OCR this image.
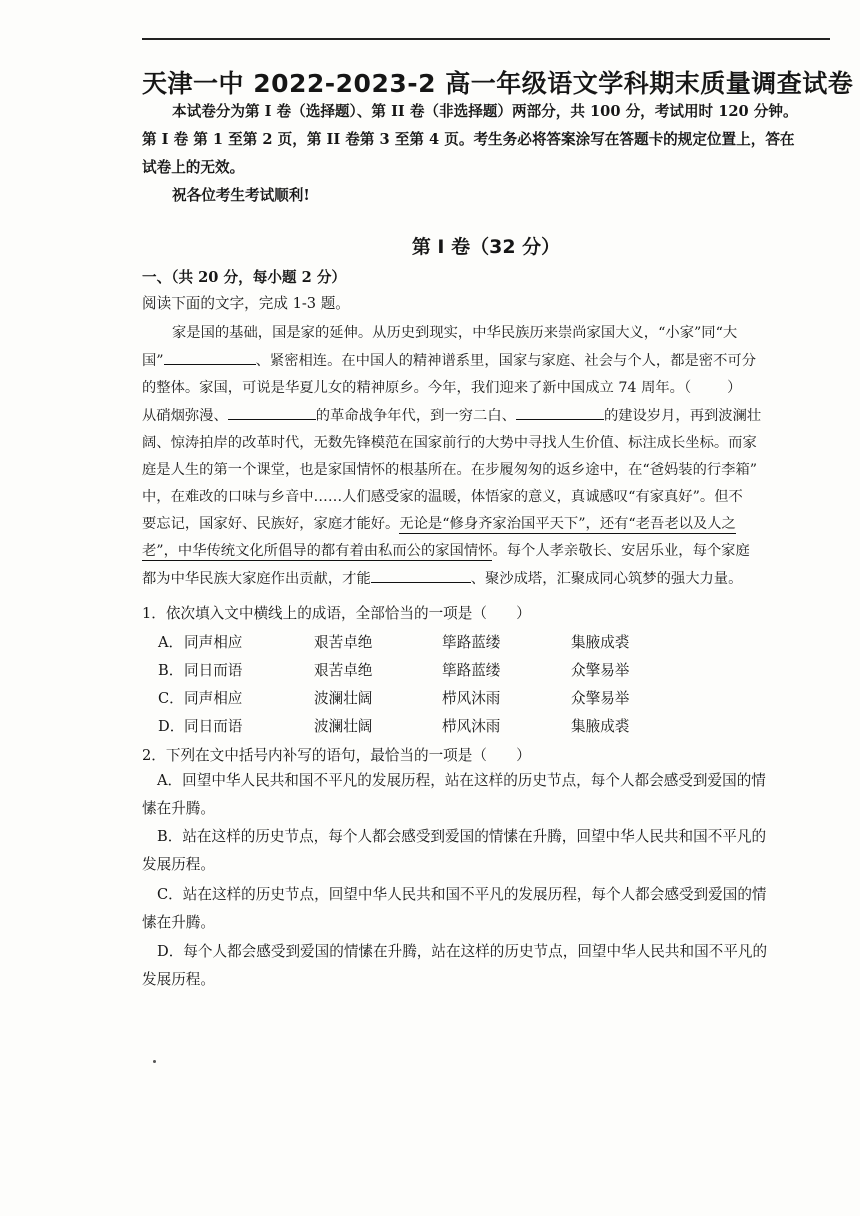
天津一中 2022-2023-2 高一年级语文学科期末质量调查试卷
本试卷分为第 I 卷（选择题）、第 II 卷（非选择题）两部分，共 100 分，考试用时 120 分钟。
第 I 卷 第 1 至第 2 页，第 II 卷第 3 至第 4 页。考生务必将答案涂写在答题卡的规定位置上，答在
试卷上的无效。
祝各位考生考试顺利!
第 I 卷（32 分）
一、（共 20 分，每小题 2 分）
阅读下面的文字，完成 1-3 题。
家是国的基础，国是家的延伸。从历史到现实，中华民族历来崇尚家国大义，“小家”同“大
国”	、紧密相连。在中国人的精神谱系里，国家与家庭、社会与个人，都是密不可分
的整体。家国，可说是华夏儿女的精神原乡。今年，我们迎来了新中国成立 74 周年。（	）
从硝烟弥漫、	的革命战争年代，到一穷二白、	的建设岁月，再到波澜壮
阔、惊涛拍岸的改革时代，无数先锋模范在国家前行的大势中寻找人生价值、标注成长坐标。而家
庭是人生的第一个课堂，也是家国情怀的根基所在。在步履匆匆的返乡途中，在“爸妈装的行李箱”
中，在难改的口味与乡音中……人们感受家的温暖，体悟家的意义，真诚感叹“有家真好”。但不
要忘记，国家好、民族好，家庭才能好。无论是“修身齐家治国平天下”，还有“老吾老以及人之
老”，中华传统文化所倡导的都有着由私而公的家国情怀。每个人孝亲敬长、安居乐业，每个家庭
都为中华民族大家庭作出贡献，才能	、聚沙成塔，汇聚成同心筑梦的强大力量。
1．依次填入文中横线上的成语，全部恰当的一项是（　　）
A． 同声相应	艰苦卓绝	筚路蓝缕	集腋成裘
B． 同日而语	艰苦卓绝	筚路蓝缕	众擎易举
C． 同声相应	波澜壮阔	栉风沐雨	众擎易举
D． 同日而语	波澜壮阔	栉风沐雨	集腋成裘
2．下列在文中括号内补写的语句，最恰当的一项是（　　）
A．回望中华人民共和国不平凡的发展历程，站在这样的历史节点，每个人都会感受到爱国的情
愫在升腾。
B．站在这样的历史节点，每个人都会感受到爱国的情愫在升腾，回望中华人民共和国不平凡的
发展历程。
C．站在这样的历史节点，回望中华人民共和国不平凡的发展历程，每个人都会感受到爱国的情
愫在升腾。
D．每个人都会感受到爱国的情愫在升腾，站在这样的历史节点，回望中华人民共和国不平凡的
发展历程。
